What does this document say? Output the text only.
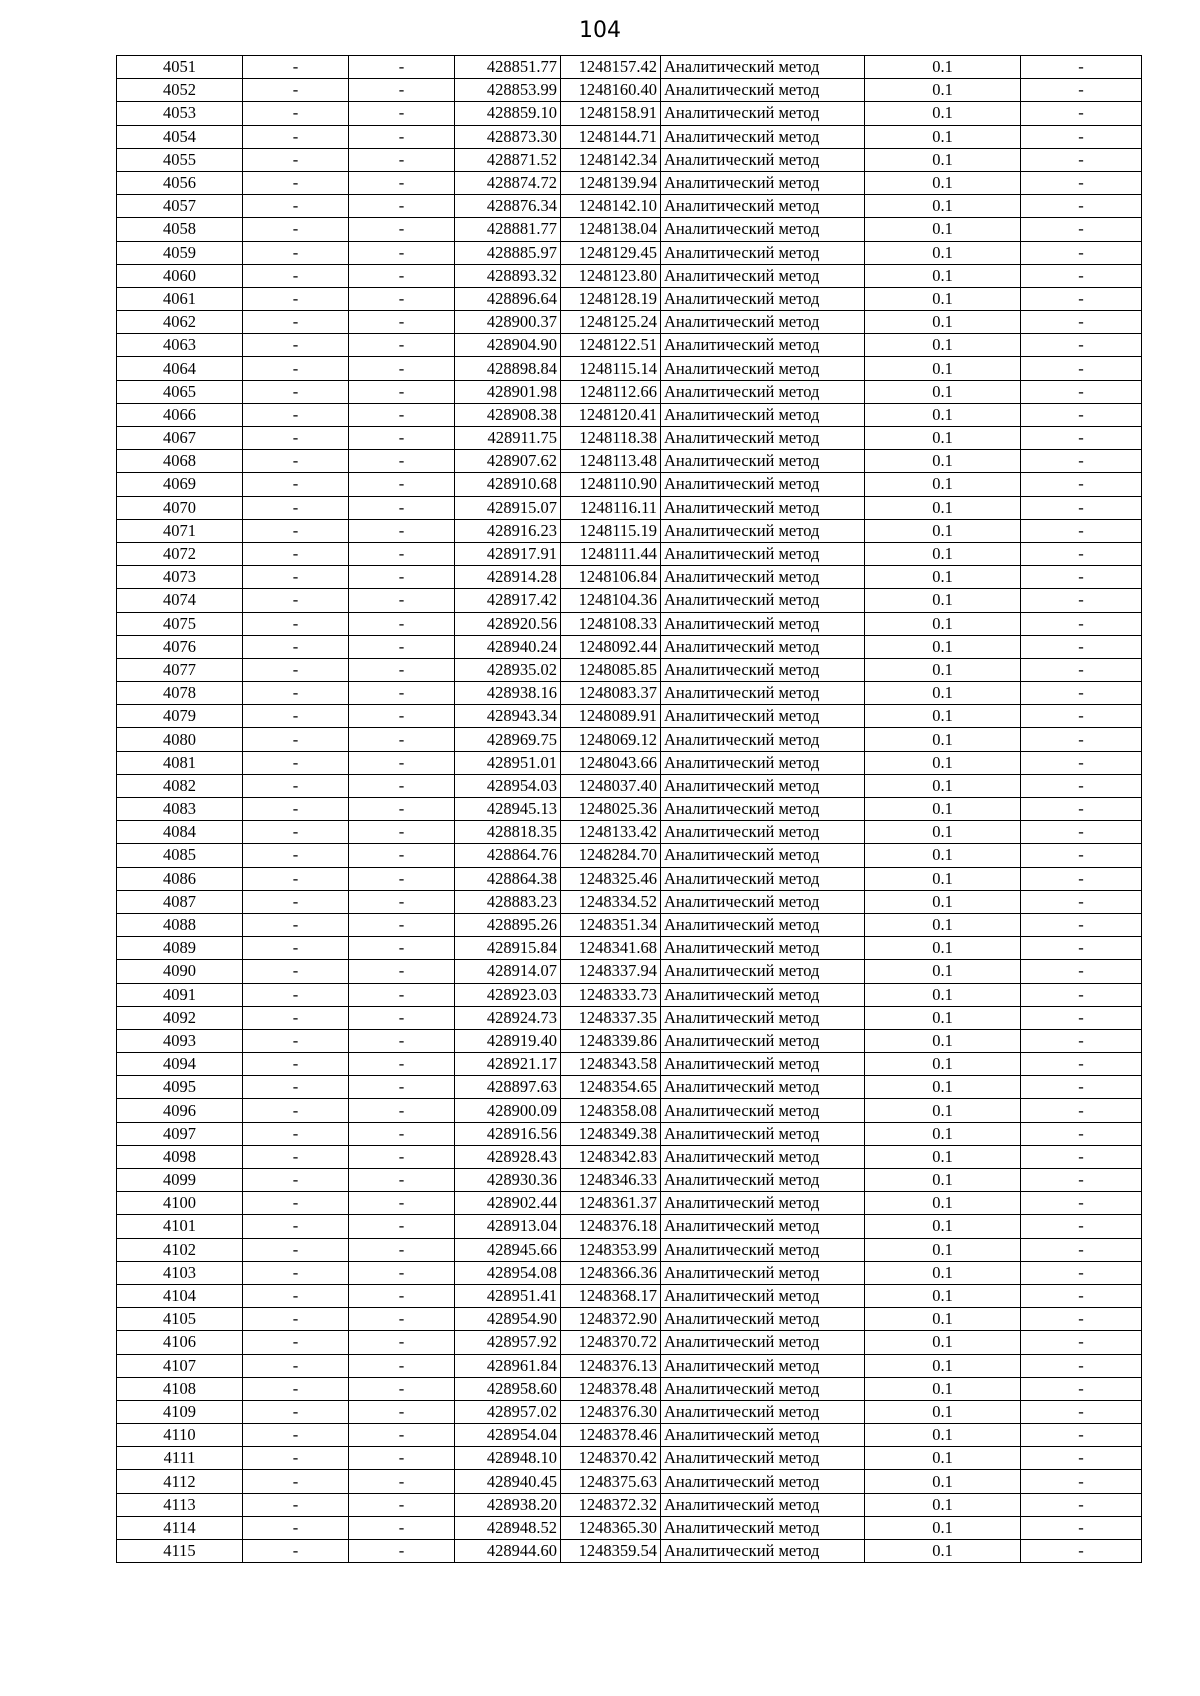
104
4051	-	-	428851.77	1248157.42	Аналитический метод	0.1	-
4052	-	-	428853.99	1248160.40	Аналитический метод	0.1	-
4053	-	-	428859.10	1248158.91	Аналитический метод	0.1	-
4054	-	-	428873.30	1248144.71	Аналитический метод	0.1	-
4055	-	-	428871.52	1248142.34	Аналитический метод	0.1	-
4056	-	-	428874.72	1248139.94	Аналитический метод	0.1	-
4057	-	-	428876.34	1248142.10	Аналитический метод	0.1	-
4058	-	-	428881.77	1248138.04	Аналитический метод	0.1	-
4059	-	-	428885.97	1248129.45	Аналитический метод	0.1	-
4060	-	-	428893.32	1248123.80	Аналитический метод	0.1	-
4061	-	-	428896.64	1248128.19	Аналитический метод	0.1	-
4062	-	-	428900.37	1248125.24	Аналитический метод	0.1	-
4063	-	-	428904.90	1248122.51	Аналитический метод	0.1	-
4064	-	-	428898.84	1248115.14	Аналитический метод	0.1	-
4065	-	-	428901.98	1248112.66	Аналитический метод	0.1	-
4066	-	-	428908.38	1248120.41	Аналитический метод	0.1	-
4067	-	-	428911.75	1248118.38	Аналитический метод	0.1	-
4068	-	-	428907.62	1248113.48	Аналитический метод	0.1	-
4069	-	-	428910.68	1248110.90	Аналитический метод	0.1	-
4070	-	-	428915.07	1248116.11	Аналитический метод	0.1	-
4071	-	-	428916.23	1248115.19	Аналитический метод	0.1	-
4072	-	-	428917.91	1248111.44	Аналитический метод	0.1	-
4073	-	-	428914.28	1248106.84	Аналитический метод	0.1	-
4074	-	-	428917.42	1248104.36	Аналитический метод	0.1	-
4075	-	-	428920.56	1248108.33	Аналитический метод	0.1	-
4076	-	-	428940.24	1248092.44	Аналитический метод	0.1	-
4077	-	-	428935.02	1248085.85	Аналитический метод	0.1	-
4078	-	-	428938.16	1248083.37	Аналитический метод	0.1	-
4079	-	-	428943.34	1248089.91	Аналитический метод	0.1	-
4080	-	-	428969.75	1248069.12	Аналитический метод	0.1	-
4081	-	-	428951.01	1248043.66	Аналитический метод	0.1	-
4082	-	-	428954.03	1248037.40	Аналитический метод	0.1	-
4083	-	-	428945.13	1248025.36	Аналитический метод	0.1	-
4084	-	-	428818.35	1248133.42	Аналитический метод	0.1	-
4085	-	-	428864.76	1248284.70	Аналитический метод	0.1	-
4086	-	-	428864.38	1248325.46	Аналитический метод	0.1	-
4087	-	-	428883.23	1248334.52	Аналитический метод	0.1	-
4088	-	-	428895.26	1248351.34	Аналитический метод	0.1	-
4089	-	-	428915.84	1248341.68	Аналитический метод	0.1	-
4090	-	-	428914.07	1248337.94	Аналитический метод	0.1	-
4091	-	-	428923.03	1248333.73	Аналитический метод	0.1	-
4092	-	-	428924.73	1248337.35	Аналитический метод	0.1	-
4093	-	-	428919.40	1248339.86	Аналитический метод	0.1	-
4094	-	-	428921.17	1248343.58	Аналитический метод	0.1	-
4095	-	-	428897.63	1248354.65	Аналитический метод	0.1	-
4096	-	-	428900.09	1248358.08	Аналитический метод	0.1	-
4097	-	-	428916.56	1248349.38	Аналитический метод	0.1	-
4098	-	-	428928.43	1248342.83	Аналитический метод	0.1	-
4099	-	-	428930.36	1248346.33	Аналитический метод	0.1	-
4100	-	-	428902.44	1248361.37	Аналитический метод	0.1	-
4101	-	-	428913.04	1248376.18	Аналитический метод	0.1	-
4102	-	-	428945.66	1248353.99	Аналитический метод	0.1	-
4103	-	-	428954.08	1248366.36	Аналитический метод	0.1	-
4104	-	-	428951.41	1248368.17	Аналитический метод	0.1	-
4105	-	-	428954.90	1248372.90	Аналитический метод	0.1	-
4106	-	-	428957.92	1248370.72	Аналитический метод	0.1	-
4107	-	-	428961.84	1248376.13	Аналитический метод	0.1	-
4108	-	-	428958.60	1248378.48	Аналитический метод	0.1	-
4109	-	-	428957.02	1248376.30	Аналитический метод	0.1	-
4110	-	-	428954.04	1248378.46	Аналитический метод	0.1	-
4111	-	-	428948.10	1248370.42	Аналитический метод	0.1	-
4112	-	-	428940.45	1248375.63	Аналитический метод	0.1	-
4113	-	-	428938.20	1248372.32	Аналитический метод	0.1	-
4114	-	-	428948.52	1248365.30	Аналитический метод	0.1	-
4115	-	-	428944.60	1248359.54	Аналитический метод	0.1	-
